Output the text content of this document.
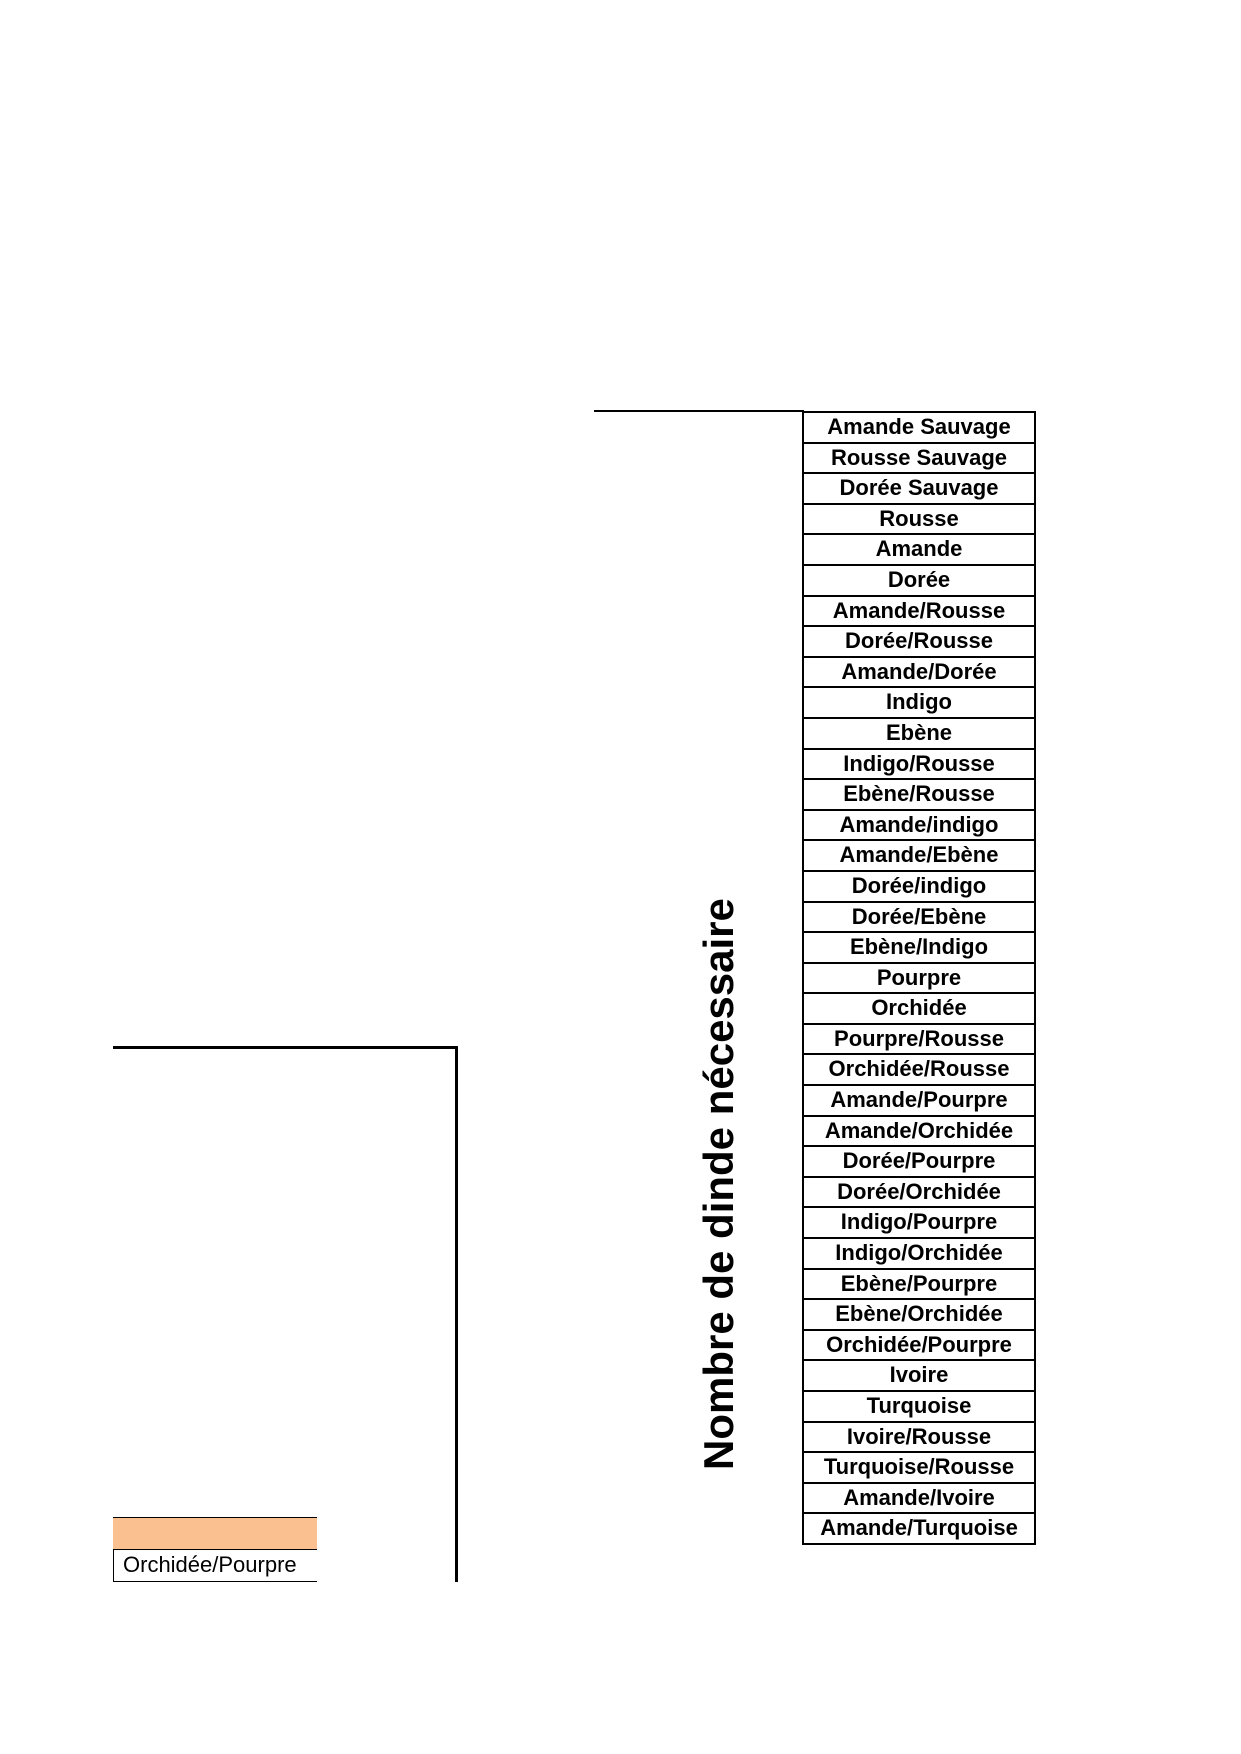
Amande Sauvage
Rousse Sauvage
Dorée Sauvage
Rousse
Amande
Dorée
Amande/Rousse
Dorée/Rousse
Amande/Dorée
Indigo
Ebène
Indigo/Rousse
Ebène/Rousse
Amande/indigo
Amande/Ebène
Dorée/indigo
Dorée/Ebène
Ebène/Indigo
Pourpre
Orchidée
Pourpre/Rousse
Orchidée/Rousse
Amande/Pourpre
Amande/Orchidée
Dorée/Pourpre
Dorée/Orchidée
Indigo/Pourpre
Indigo/Orchidée
Ebène/Pourpre
Ebène/Orchidée
Orchidée/Pourpre
Ivoire
Turquoise
Ivoire/Rousse
Turquoise/Rousse
Amande/Ivoire
Amande/Turquoise
Nombre de dinde nécessaire
Orchidée/Pourpre
